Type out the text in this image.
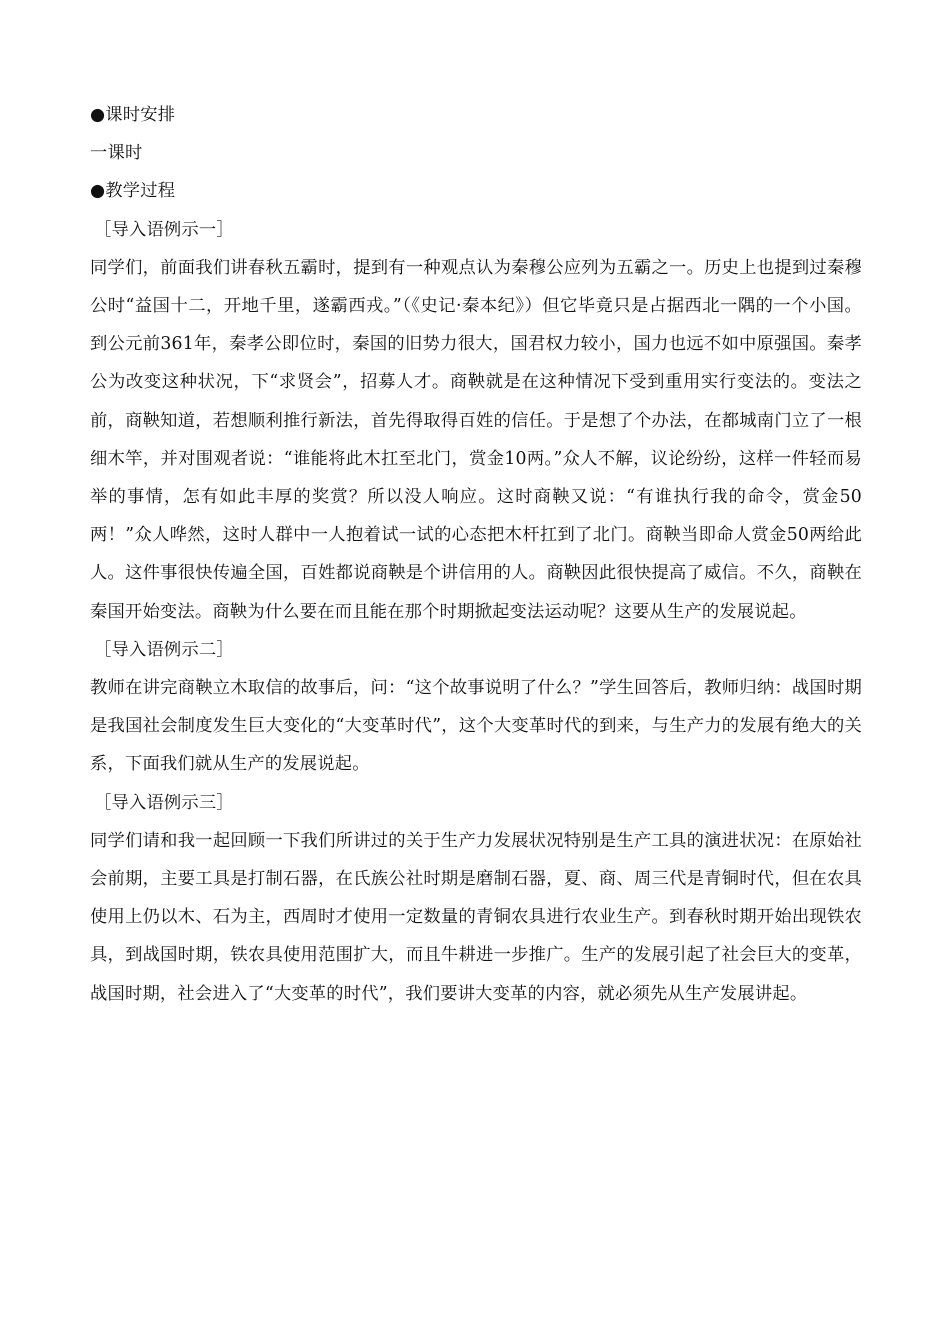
●课时安排
一课时
●教学过程
［导入语例示一］
同学们，前面我们讲春秋五霸时，提到有一种观点认为秦穆公应列为五霸之一。历史上也提到过秦穆公时“益国十二，开地千里，遂霸西戎。”（《史记·秦本纪》）但它毕竟只是占据西北一隅的一个小国。到公元前361年，秦孝公即位时，秦国的旧势力很大，国君权力较小，国力也远不如中原强国。秦孝公为改变这种状况，下“求贤会”，招募人才。商鞅就是在这种情况下受到重用实行变法的。变法之前，商鞅知道，若想顺利推行新法，首先得取得百姓的信任。于是想了个办法，在都城南门立了一根细木竿，并对围观者说：“谁能将此木扛至北门，赏金10两。”众人不解，议论纷纷，这样一件轻而易举的事情，怎有如此丰厚的奖赏？所以没人响应。这时商鞅又说：“有谁执行我的命令，赏金50两！”众人哗然，这时人群中一人抱着试一试的心态把木杆扛到了北门。商鞅当即命人赏金50两给此人。这件事很快传遍全国，百姓都说商鞅是个讲信用的人。商鞅因此很快提高了威信。不久，商鞅在秦国开始变法。商鞅为什么要在而且能在那个时期掀起变法运动呢？这要从生产的发展说起。
［导入语例示二］
教师在讲完商鞅立木取信的故事后，问：“这个故事说明了什么？”学生回答后，教师归纳：战国时期是我国社会制度发生巨大变化的“大变革时代”，这个大变革时代的到来，与生产力的发展有绝大的关系，下面我们就从生产的发展说起。
［导入语例示三］
同学们请和我一起回顾一下我们所讲过的关于生产力发展状况特别是生产工具的演进状况：在原始社会前期，主要工具是打制石器，在氏族公社时期是磨制石器，夏、商、周三代是青铜时代，但在农具使用上仍以木、石为主，西周时才使用一定数量的青铜农具进行农业生产。到春秋时期开始出现铁农具，到战国时期，铁农具使用范围扩大，而且牛耕进一步推广。生产的发展引起了社会巨大的变革，战国时期，社会进入了“大变革的时代”，我们要讲大变革的内容，就必须先从生产发展讲起。
